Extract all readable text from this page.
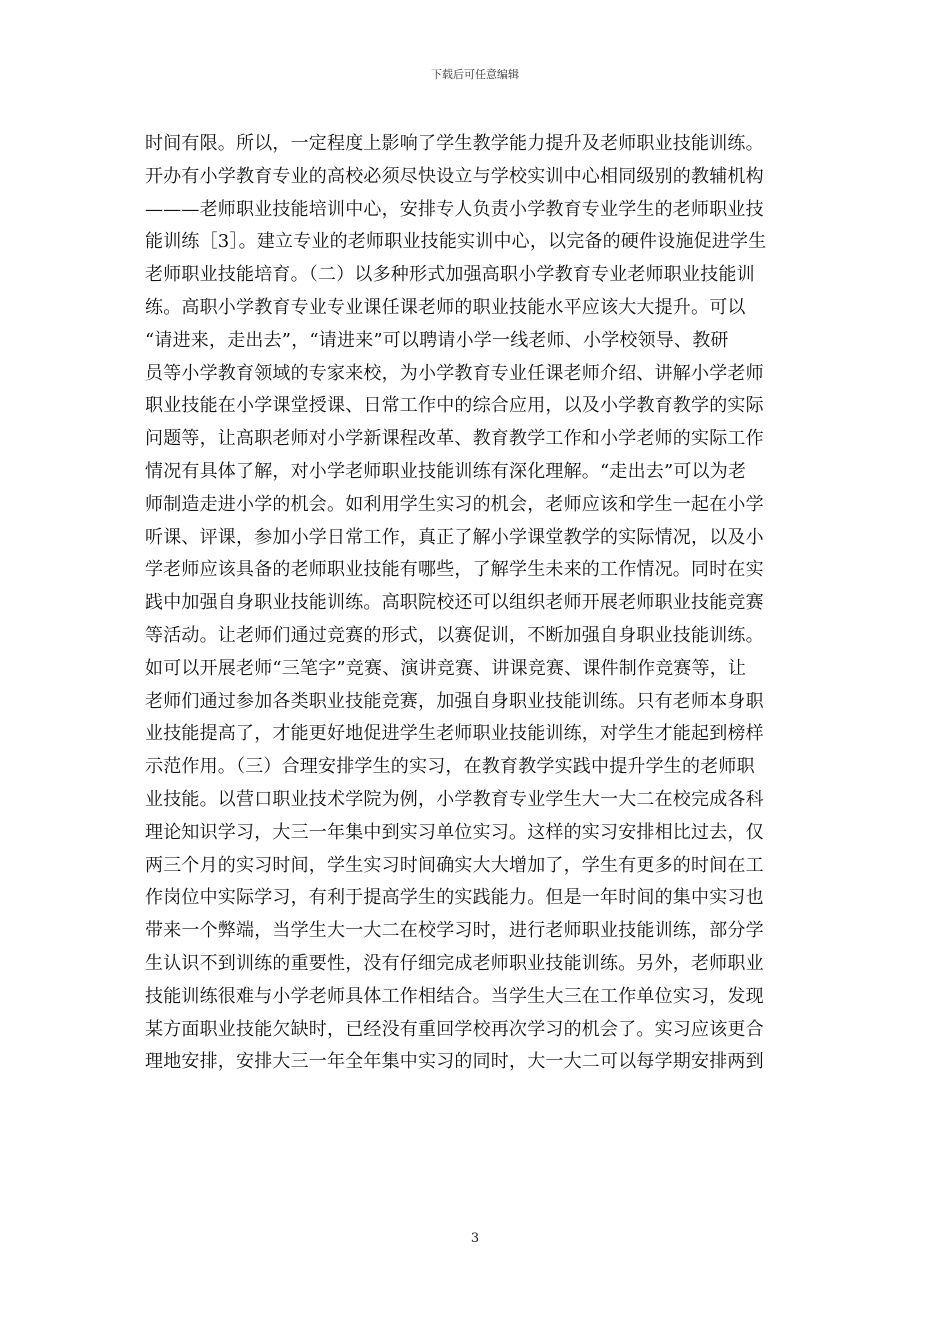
下载后可任意编辑
时间有限。所以，一定程度上影响了学生教学能力提升及老师职业技能训练。
开办有小学教育专业的高校必须尽快设立与学校实训中心相同级别的教辅机构
———老师职业技能培训中心，安排专人负责小学教育专业学生的老师职业技
能训练［3］。建立专业的老师职业技能实训中心，以完备的硬件设施促进学生
老师职业技能培育。（二）以多种形式加强高职小学教育专业老师职业技能训
练。高职小学教育专业专业课任课老师的职业技能水平应该大大提升。可以
“请进来，走出去”，“请进来”可以聘请小学一线老师、小学校领导、教研
员等小学教育领域的专家来校，为小学教育专业任课老师介绍、讲解小学老师
职业技能在小学课堂授课、日常工作中的综合应用，以及小学教育教学的实际
问题等，让高职老师对小学新课程改革、教育教学工作和小学老师的实际工作
情况有具体了解，对小学老师职业技能训练有深化理解。“走出去”可以为老
师制造走进小学的机会。如利用学生实习的机会，老师应该和学生一起在小学
听课、评课，参加小学日常工作，真正了解小学课堂教学的实际情况，以及小
学老师应该具备的老师职业技能有哪些，了解学生未来的工作情况。同时在实
践中加强自身职业技能训练。高职院校还可以组织老师开展老师职业技能竞赛
等活动。让老师们通过竞赛的形式，以赛促训，不断加强自身职业技能训练。
如可以开展老师“三笔字”竞赛、演讲竞赛、讲课竞赛、课件制作竞赛等，让
老师们通过参加各类职业技能竞赛，加强自身职业技能训练。只有老师本身职
业技能提高了，才能更好地促进学生老师职业技能训练，对学生才能起到榜样
示范作用。（三）合理安排学生的实习，在教育教学实践中提升学生的老师职
业技能。以营口职业技术学院为例，小学教育专业学生大一大二在校完成各科
理论知识学习，大三一年集中到实习单位实习。这样的实习安排相比过去，仅
两三个月的实习时间，学生实习时间确实大大增加了，学生有更多的时间在工
作岗位中实际学习，有利于提高学生的实践能力。但是一年时间的集中实习也
带来一个弊端，当学生大一大二在校学习时，进行老师职业技能训练，部分学
生认识不到训练的重要性，没有仔细完成老师职业技能训练。另外，老师职业
技能训练很难与小学老师具体工作相结合。当学生大三在工作单位实习，发现
某方面职业技能欠缺时，已经没有重回学校再次学习的机会了。实习应该更合
理地安排，安排大三一年全年集中实习的同时，大一大二可以每学期安排两到
3
